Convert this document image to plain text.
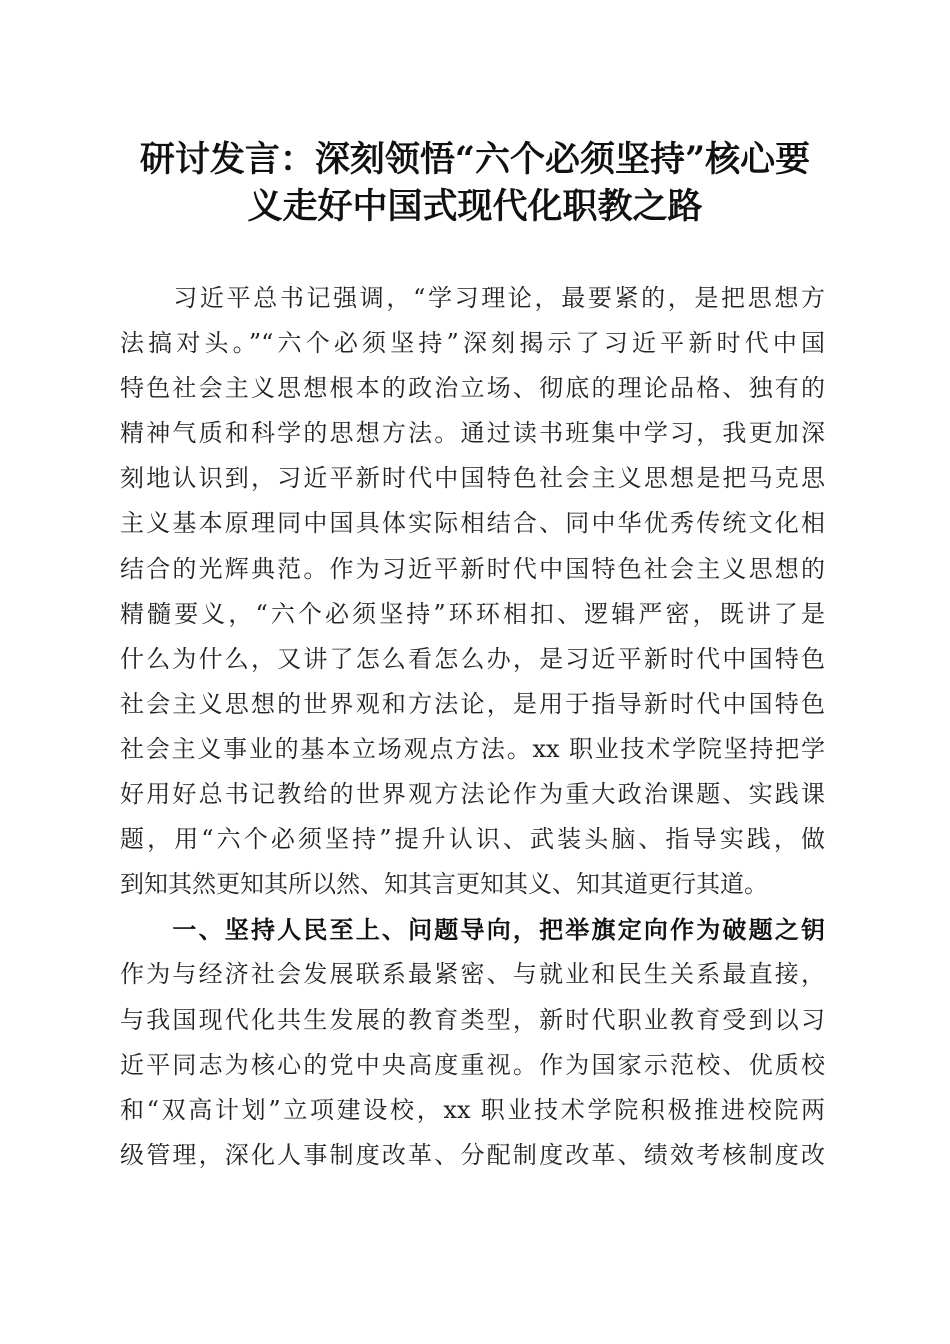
研讨发言：深刻领悟“六个必须坚持”核心要
义走好中国式现代化职教之路
　　习近平总书记强调，“学习理论，最要紧的，是把思想方
法搞对头。”“六个必须坚持”深刻揭示了习近平新时代中国
特色社会主义思想根本的政治立场、彻底的理论品格、独有的
精神气质和科学的思想方法。通过读书班集中学习，我更加深
刻地认识到，习近平新时代中国特色社会主义思想是把马克思
主义基本原理同中国具体实际相结合、同中华优秀传统文化相
结合的光辉典范。作为习近平新时代中国特色社会主义思想的
精髓要义，“六个必须坚持”环环相扣、逻辑严密，既讲了是
什么为什么，又讲了怎么看怎么办，是习近平新时代中国特色
社会主义思想的世界观和方法论，是用于指导新时代中国特色
社会主义事业的基本立场观点方法。xx 职业技术学院坚持把学
好用好总书记教给的世界观方法论作为重大政治课题、实践课
题，用“六个必须坚持”提升认识、武装头脑、指导实践，做
到知其然更知其所以然、知其言更知其义、知其道更行其道。
　　一、坚持人民至上、问题导向，把举旗定向作为破题之钥
作为与经济社会发展联系最紧密、与就业和民生关系最直接，
与我国现代化共生发展的教育类型，新时代职业教育受到以习
近平同志为核心的党中央高度重视。作为国家示范校、优质校
和“双高计划”立项建设校，xx 职业技术学院积极推进校院两
级管理，深化人事制度改革、分配制度改革、绩效考核制度改
